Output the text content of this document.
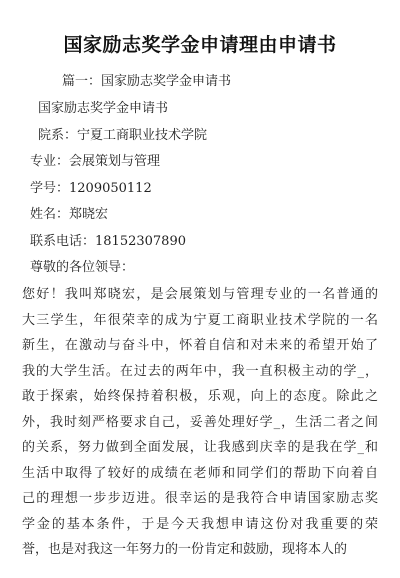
国家励志奖学金申请理由申请书
篇一：国家励志奖学金申请书
国家励志奖学金申请书
院系：宁夏工商职业技术学院
专业：会展策划与管理
学号：1209050112
姓名：郑晓宏
联系电话：18152307890
尊敬的各位领导：
您好！我叫郑晓宏，是会展策划与管理专业的一名普通的
大三学生，年很荣幸的成为宁夏工商职业技术学院的一名
新生，在激动与奋斗中，怀着自信和对未来的希望开始了
我的大学生活。在过去的两年中，我一直积极主动的学_，
敢于探索，始终保持着积极，乐观，向上的态度。除此之
外，我时刻严格要求自己，妥善处理好学_，生活二者之间
的关系，努力做到全面发展，让我感到庆幸的是我在学_和
生活中取得了较好的成绩在老师和同学们的帮助下向着自
己的理想一步步迈进。很幸运的是我符合申请国家励志奖
学金的基本条件，于是今天我想申请这份对我重要的荣
誉，也是对我这一年努力的一份肯定和鼓励，现将本人的
